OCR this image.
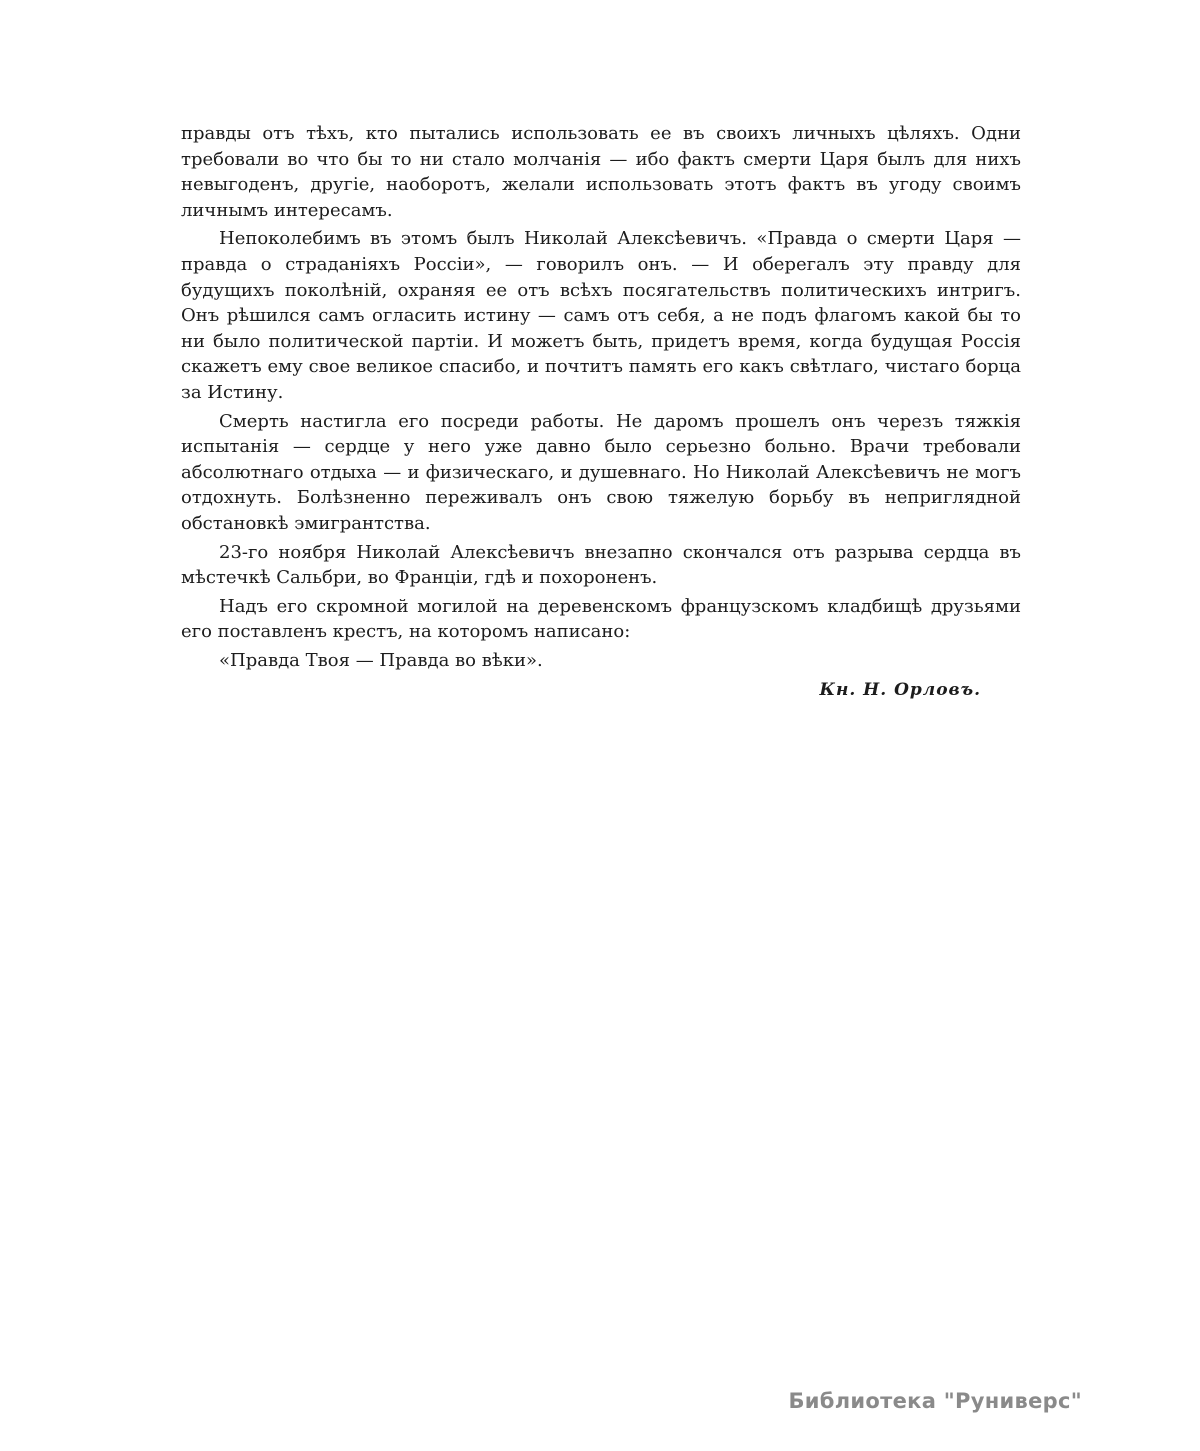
правды отъ тѣхъ, кто пытались использовать ее въ своихъ личныхъ цѣляхъ. Одни требовали во что бы то ни стало молчанія — ибо фактъ смерти Царя былъ для нихъ невыгоденъ, другіе, наоборотъ, желали использовать этотъ фактъ въ угоду своимъ личнымъ интересамъ.

Непоколебимъ въ этомъ былъ Николай Алексѣевичъ. «Правда о смерти Царя — правда о страданіяхъ Россіи», — говорилъ онъ. — И оберегалъ эту правду для будущихъ поколѣній, охраняя ее отъ всѣхъ посягательствъ политическихъ интригъ. Онъ рѣшился самъ огласить истину — самъ отъ себя, а не подъ флагомъ какой бы то ни было политической партіи. И можетъ быть, придетъ время, когда будущая Россія скажетъ ему свое великое спасибо, и почтитъ память его какъ свѣтлаго, чистаго борца за Истину.

Смерть настигла его посреди работы. Не даромъ прошелъ онъ черезъ тяжкія испытанія — сердце у него уже давно было серьезно больно. Врачи требовали абсолютнаго отдыха — и физическаго, и душевнаго. Но Николай Алексѣевичъ не могъ отдохнуть. Болѣзненно переживалъ онъ свою тяжелую борьбу въ неприглядной обстановкѣ эмигрантства.

23-го ноября Николай Алексѣевичъ внезапно скончался отъ разрыва сердца въ мѣстечкѣ Сальбри, во Франціи, гдѣ и похороненъ.

Надъ его скромной могилой на деревенскомъ французскомъ кладбищѣ друзьями его поставленъ крестъ, на которомъ написано:

«Правда Твоя — Правда во вѣки».

Кн. Н. Орловъ.

Библиотека "Руниверс"
